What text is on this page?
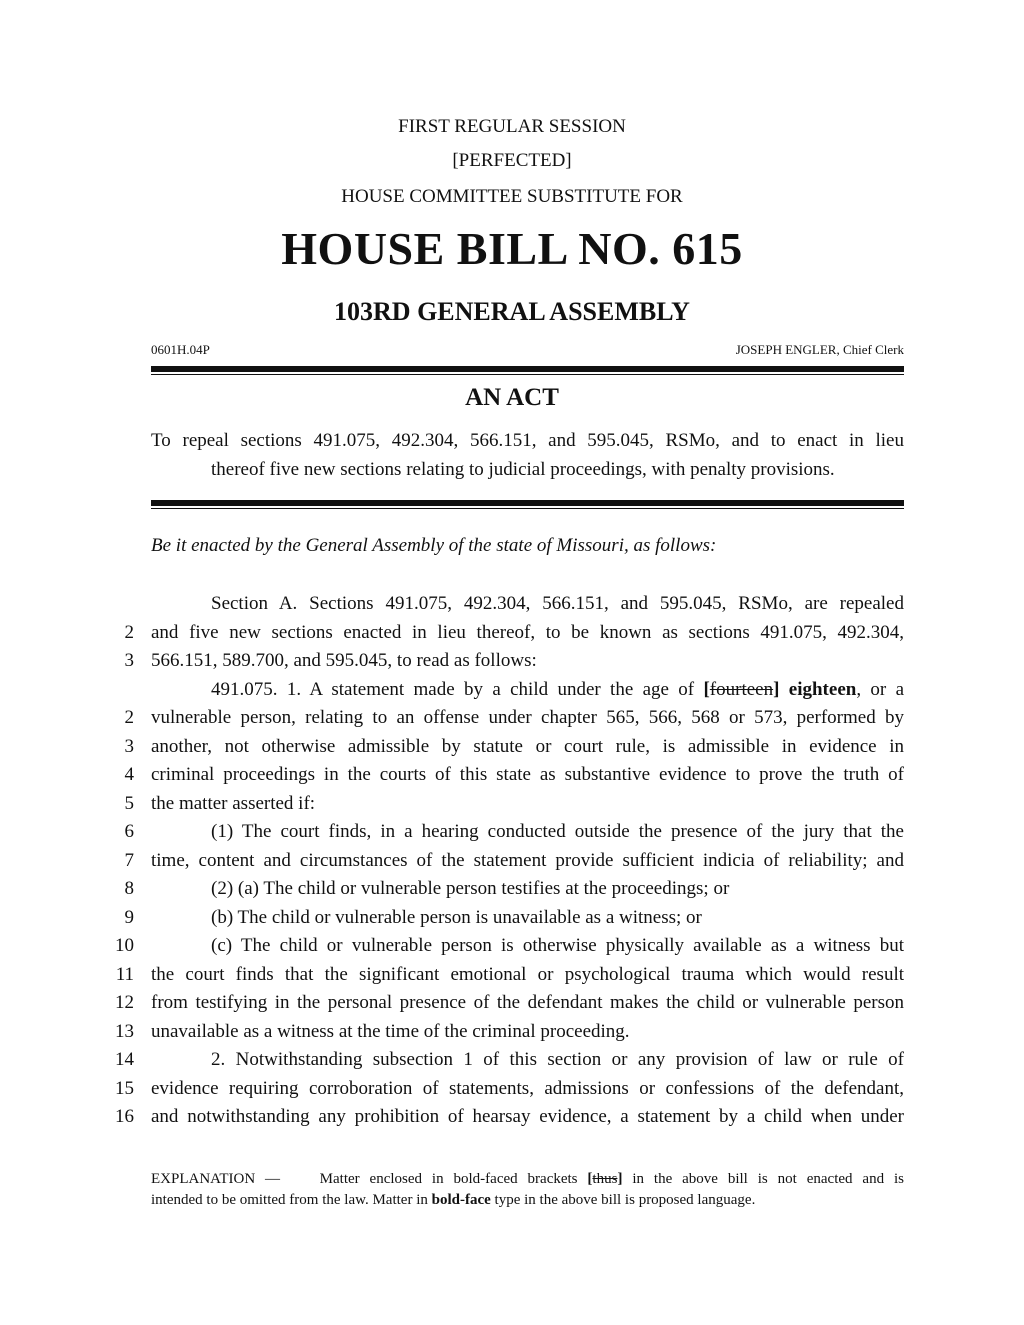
FIRST REGULAR SESSION
[PERFECTED]
HOUSE COMMITTEE SUBSTITUTE FOR
HOUSE BILL NO. 615
103RD GENERAL ASSEMBLY
0601H.04P	JOSEPH ENGLER, Chief Clerk
AN ACT
To repeal sections 491.075, 492.304, 566.151, and 595.045, RSMo, and to enact in lieu
thereof five new sections relating to judicial proceedings, with penalty provisions.
Be it enacted by the General Assembly of the state of Missouri, as follows:
Section A. Sections 491.075, 492.304, 566.151, and 595.045, RSMo, are repealed
2 and five new sections enacted in lieu thereof, to be known as sections 491.075, 492.304,
3 566.151, 589.700, and 595.045, to read as follows:
491.075. 1. A statement made by a child under the age of [fourteen] eighteen, or a
2 vulnerable person, relating to an offense under chapter 565, 566, 568 or 573, performed by
3 another, not otherwise admissible by statute or court rule, is admissible in evidence in
4 criminal proceedings in the courts of this state as substantive evidence to prove the truth of
5 the matter asserted if:
6	(1) The court finds, in a hearing conducted outside the presence of the jury that the
7 time, content and circumstances of the statement provide sufficient indicia of reliability; and
8	(2) (a) The child or vulnerable person testifies at the proceedings; or
9	(b) The child or vulnerable person is unavailable as a witness; or
10	(c) The child or vulnerable person is otherwise physically available as a witness but
11 the court finds that the significant emotional or psychological trauma which would result
12 from testifying in the personal presence of the defendant makes the child or vulnerable person
13 unavailable as a witness at the time of the criminal proceeding.
14	2. Notwithstanding subsection 1 of this section or any provision of law or rule of
15 evidence requiring corroboration of statements, admissions or confessions of the defendant,
16 and notwithstanding any prohibition of hearsay evidence, a statement by a child when under
EXPLANATION —	Matter enclosed in bold-faced brackets [thus] in the above bill is not enacted and is
intended to be omitted from the law. Matter in bold-face type in the above bill is proposed language.
